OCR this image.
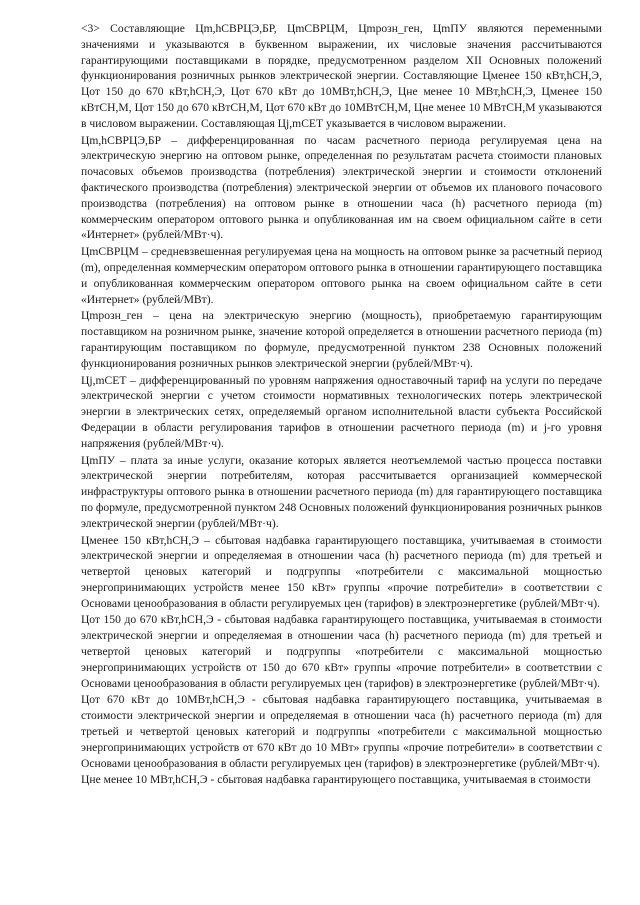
<3> Составляющие Цm,hСВРЦЭ,БР, ЦmСВРЦМ, Цmрозн_ген, ЦmПУ являются переменными значениями и указываются в буквенном выражении, их числовые значения рассчитываются гарантирующими поставщиками в порядке, предусмотренном разделом XII Основных положений функционирования розничных рынков электрической энергии. Составляющие Цменее 150 кВт,hСН,Э, Цот 150 до 670 кВт,hСН,Э, Цот 670 кВт до 10МВт,hСН,Э, Цне менее 10 МВт,hСН,Э, Цменее 150 кВтСН,М, Цот 150 до 670 кВтСН,М, Цот 670 кВт до 10МВтСН,М, Цне менее 10 МВтСН,М указываются в числовом выражении. Составляющая Цj,mСЕТ указывается в числовом выражении.

Цm,hСВРЦЭ,БР – дифференцированная по часам расчетного периода регулируемая цена на электрическую энергию на оптовом рынке, определенная по результатам расчета стоимости плановых почасовых объемов производства (потребления) электрической энергии и стоимости отклонений фактического производства (потребления) электрической энергии от объемов их планового почасового производства (потребления) на оптовом рынке в отношении часа (h) расчетного периода (m) коммерческим оператором оптового рынка и опубликованная им на своем официальном сайте в сети «Интернет» (рублей/МВт·ч).

ЦmСВРЦМ – средневзвешенная регулируемая цена на мощность на оптовом рынке за расчетный период (m), определенная коммерческим оператором оптового рынка в отношении гарантирующего поставщика и опубликованная коммерческим оператором оптового рынка на своем официальном сайте в сети «Интернет» (рублей/МВт).

Цmрозн_ген – цена на электрическую энергию (мощность), приобретаемую гарантирующим поставщиком на розничном рынке, значение которой определяется в отношении расчетного периода (m) гарантирующим поставщиком по формуле, предусмотренной пунктом 238 Основных положений функционирования розничных рынков электрической энергии (рублей/МВт·ч).

Цj,mСЕТ – дифференцированный по уровням напряжения одноставочный тариф на услуги по передаче электрической энергии с учетом стоимости нормативных технологических потерь электрической энергии в электрических сетях, определяемый органом исполнительной власти субъекта Российской Федерации в области регулирования тарифов в отношении расчетного периода (m) и j-го уровня напряжения (рублей/МВт·ч).

ЦmПУ – плата за иные услуги, оказание которых является неотъемлемой частью процесса поставки электрической энергии потребителям, которая рассчитывается организацией коммерческой инфраструктуры оптового рынка в отношении расчетного периода (m) для гарантирующего поставщика по формуле, предусмотренной пунктом 248 Основных положений функционирования розничных рынков электрической энергии (рублей/МВт·ч).

Цменее 150 кВт,hСН,Э – сбытовая надбавка гарантирующего поставщика, учитываемая в стоимости электрической энергии и определяемая в отношении часа (h) расчетного периода (m) для третьей и четвертой ценовых категорий и подгруппы «потребители с максимальной мощностью энергопринимающих устройств менее 150 кВт» группы «прочие потребители» в соответствии с Основами ценообразования в области регулируемых цен (тарифов) в электроэнергетике (рублей/МВт·ч).

Цот 150 до 670 кВт,hСН,Э - сбытовая надбавка гарантирующего поставщика, учитываемая в стоимости электрической энергии и определяемая в отношении часа (h) расчетного периода (m) для третьей и четвертой ценовых категорий и подгруппы «потребители с максимальной мощностью энергопринимающих устройств от 150 до 670 кВт» группы «прочие потребители» в соответствии с Основами ценообразования в области регулируемых цен (тарифов) в электроэнергетике (рублей/МВт·ч).

Цот 670 кВт до 10МВт,hСН,Э - сбытовая надбавка гарантирующего поставщика, учитываемая в стоимости электрической энергии и определяемая в отношении часа (h) расчетного периода (m) для третьей и четвертой ценовых категорий и подгруппы «потребители с максимальной мощностью энергопринимающих устройств от 670 кВт до 10 МВт» группы «прочие потребители» в соответствии с Основами ценообразования в области регулируемых цен (тарифов) в электроэнергетике (рублей/МВт·ч).

Цне менее 10 МВт,hСН,Э - сбытовая надбавка гарантирующего поставщика, учитываемая в стоимости
